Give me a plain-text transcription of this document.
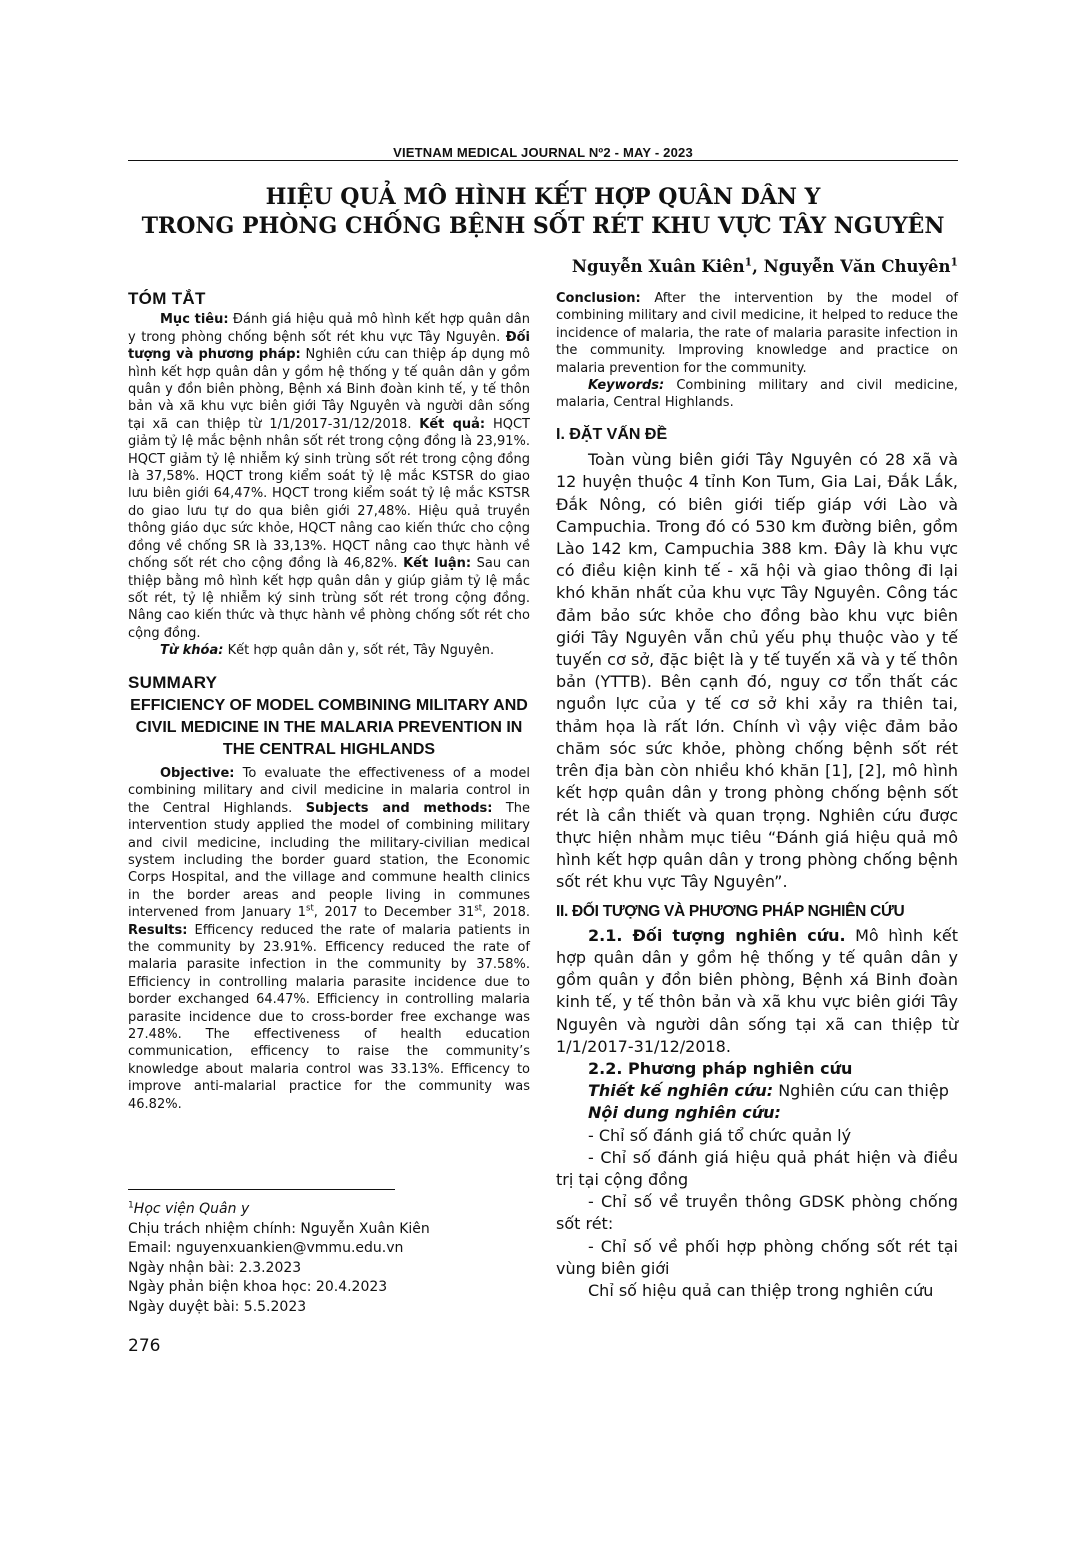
VIETNAM MEDICAL JOURNAL Nº2 - MAY - 2023
HIỆU QUẢ MÔ HÌNH KẾT HỢP QUÂN DÂN Y
TRONG PHÒNG CHỐNG BỆNH SỐT RÉT KHU VỰC TÂY NGUYÊN
Nguyễn Xuân Kiên$^1$, Nguyễn Văn Chuyên$^1$
TÓM TẮT

Mục tiêu: Đánh giá hiệu quả mô hình kết hợp quân dân y trong phòng chống bệnh sốt rét khu vực Tây Nguyên. Đối tượng và phương pháp: Nghiên cứu can thiệp áp dụng mô hình kết hợp quân dân y gồm hệ thống y tế quân dân y gồm quân y đồn biên phòng, Bệnh xá Binh đoàn kinh tế, y tế thôn bản và xã khu vực biên giới Tây Nguyên và người dân sống tại xã can thiệp từ 1/1/2017-31/12/2018. Kết quả: HQCT giảm tỷ lệ mắc bệnh nhân sốt rét trong cộng đồng là 23,91%. HQCT giảm tỷ lệ nhiễm ký sinh trùng sốt rét trong cộng đồng là 37,58%. HQCT trong kiểm soát tỷ lệ mắc KSTSR do giao lưu biên giới 64,47%. HQCT trong kiểm soát tỷ lệ mắc KSTSR do giao lưu tự do qua biên giới 27,48%. Hiệu quả truyền thông giáo dục sức khỏe, HQCT nâng cao kiến thức cho cộng đồng về chống SR là 33,13%. HQCT nâng cao thực hành về chống sốt rét cho cộng đồng là 46,82%. Kết luận: Sau can thiệp bằng mô hình kết hợp quân dân y giúp giảm tỷ lệ mắc sốt rét, tỷ lệ nhiễm ký sinh trùng sốt rét trong cộng đồng. Nâng cao kiến thức và thực hành về phòng chống sốt rét cho cộng đồng.

Từ khóa: Kết hợp quân dân y, sốt rét, Tây Nguyên.

SUMMARY
EFFICIENCY OF MODEL COMBINING MILITARY AND CIVIL MEDICINE IN THE MALARIA PREVENTION IN THE CENTRAL HIGHLANDS

Objective: To evaluate the effectiveness of a model combining military and civil medicine in malaria control in the Central Highlands. Subjects and methods: The intervention study applied the model of combining military and civil medicine, including the military-civilian medical system including the border guard station, the Economic Corps Hospital, and the village and commune health clinics in the border areas and people living in communes intervened from January 1st, 2017 to December 31st, 2018. Results: Efficency reduced the rate of malaria patients in the community by 23.91%. Efficency reduced the rate of malaria parasite infection in the community by 37.58%. Efficiency in controlling malaria parasite incidence due to border exchanged 64.47%. Efficiency in controlling malaria parasite incidence due to cross-border free exchange was 27.48%. The effectiveness of health education communication, efficency to raise the community’s knowledge about malaria control was 33.13%. Efficency to improve anti-malarial practice for the community was 46.82%.

Conclusion: After the intervention by the model of combining military and civil medicine, it helped to reduce the incidence of malaria, the rate of malaria parasite infection in the community. Improving knowledge and practice on malaria prevention for the community.

Keywords: Combining military and civil medicine, malaria, Central Highlands.

I. ĐẶT VẤN ĐỀ

Toàn vùng biên giới Tây Nguyên có 28 xã và 12 huyện thuộc 4 tỉnh Kon Tum, Gia Lai, Đắk Lắk, Đắk Nông, có biên giới tiếp giáp với Lào và Campuchia. Trong đó có 530 km đường biên, gồm Lào 142 km, Campuchia 388 km. Đây là khu vực có điều kiện kinh tế - xã hội và giao thông đi lại khó khăn nhất của khu vực Tây Nguyên. Công tác đảm bảo sức khỏe cho đồng bào khu vực biên giới Tây Nguyên vẫn chủ yếu phụ thuộc vào y tế tuyến cơ sở, đặc biệt là y tế tuyến xã và y tế thôn bản (YTTB). Bên cạnh đó, nguy cơ tổn thất các nguồn lực của y tế cơ sở khi xảy ra thiên tai, thảm họa là rất lớn. Chính vì vậy việc đảm bảo chăm sóc sức khỏe, phòng chống bệnh sốt rét trên địa bàn còn nhiều khó khăn [1], [2], mô hình kết hợp quân dân y trong phòng chống bệnh sốt rét là cần thiết và quan trọng. Nghiên cứu được thực hiện nhằm mục tiêu “Đánh giá hiệu quả mô hình kết hợp quân dân y trong phòng chống bệnh sốt rét khu vực Tây Nguyên”.

II. ĐỐI TƯỢNG VÀ PHƯƠNG PHÁP NGHIÊN CỨU

2.1. Đối tượng nghiên cứu. Mô hình kết hợp quân dân y gồm hệ thống y tế quân dân y gồm quân y đồn biên phòng, Bệnh xá Binh đoàn kinh tế, y tế thôn bản và xã khu vực biên giới Tây Nguyên và người dân sống tại xã can thiệp từ 1/1/2017-31/12/2018.

2.2. Phương pháp nghiên cứu

Thiết kế nghiên cứu: Nghiên cứu can thiệp

Nội dung nghiên cứu:

- Chỉ số đánh giá tổ chức quản lý

- Chỉ số đánh giá hiệu quả phát hiện và điều trị tại cộng đồng

- Chỉ số về truyền thông GDSK phòng chống sốt rét:

- Chỉ số về phối hợp phòng chống sốt rét tại vùng biên giới

Chỉ số hiệu quả can thiệp trong nghiên cứu

$^1$Học viện Quân y
Chịu trách nhiệm chính: Nguyễn Xuân Kiên
Email: nguyenxuankien@vmmu.edu.vn
Ngày nhận bài: 2.3.2023
Ngày phản biện khoa học: 20.4.2023
Ngày duyệt bài: 5.5.2023
276
